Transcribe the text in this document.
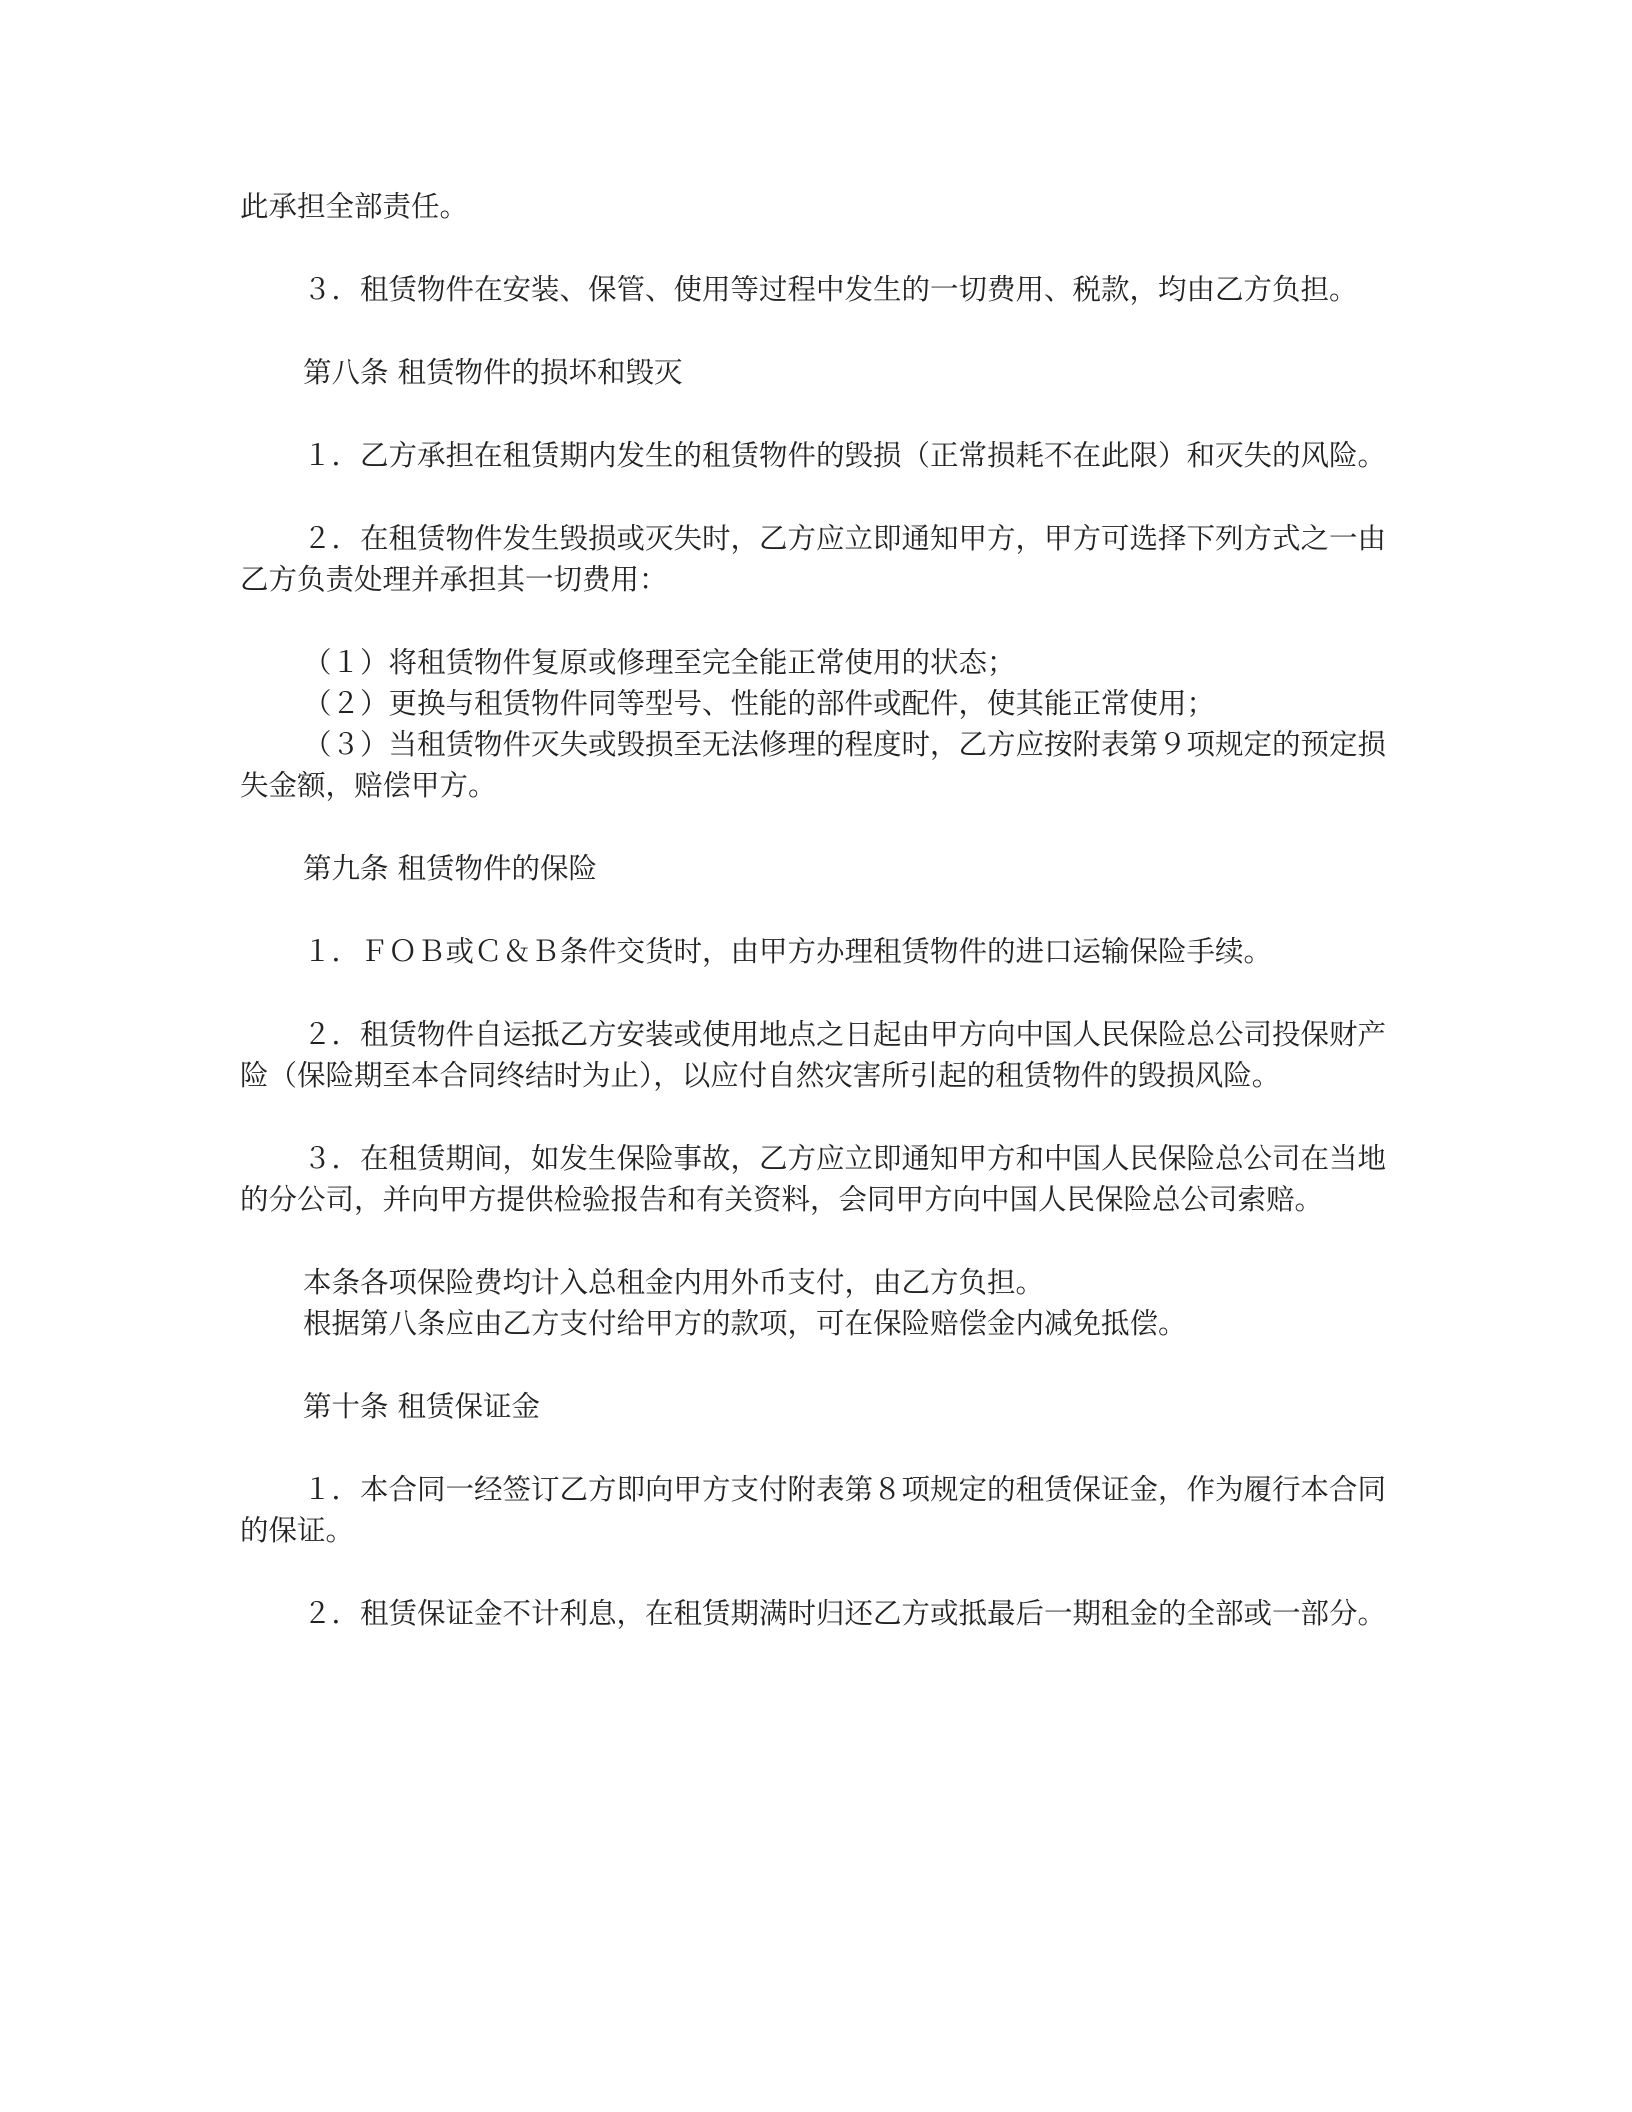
此承担全部责任。

３．租赁物件在安装、保管、使用等过程中发生的一切费用、税款，均由乙方负担。

第八条 租赁物件的损坏和毁灭

１．乙方承担在租赁期内发生的租赁物件的毁损（正常损耗不在此限）和灭失的风险。

２．在租赁物件发生毁损或灭失时，乙方应立即通知甲方，甲方可选择下列方式之一由乙方负责处理并承担其一切费用：

（１）将租赁物件复原或修理至完全能正常使用的状态；

（２）更换与租赁物件同等型号、性能的部件或配件，使其能正常使用；

（３）当租赁物件灭失或毁损至无法修理的程度时，乙方应按附表第９项规定的预定损失金额，赔偿甲方。

第九条 租赁物件的保险

１．ＦＯＢ或Ｃ＆Ｂ条件交货时，由甲方办理租赁物件的进口运输保险手续。

２．租赁物件自运抵乙方安装或使用地点之日起由甲方向中国人民保险总公司投保财产险（保险期至本合同终结时为止），以应付自然灾害所引起的租赁物件的毁损风险。

３．在租赁期间，如发生保险事故，乙方应立即通知甲方和中国人民保险总公司在当地的分公司，并向甲方提供检验报告和有关资料，会同甲方向中国人民保险总公司索赔。

本条各项保险费均计入总租金内用外币支付，由乙方负担。

根据第八条应由乙方支付给甲方的款项，可在保险赔偿金内减免抵偿。

第十条 租赁保证金

１．本合同一经签订乙方即向甲方支付附表第８项规定的租赁保证金，作为履行本合同的保证。

２．租赁保证金不计利息，在租赁期满时归还乙方或抵最后一期租金的全部或一部分。
